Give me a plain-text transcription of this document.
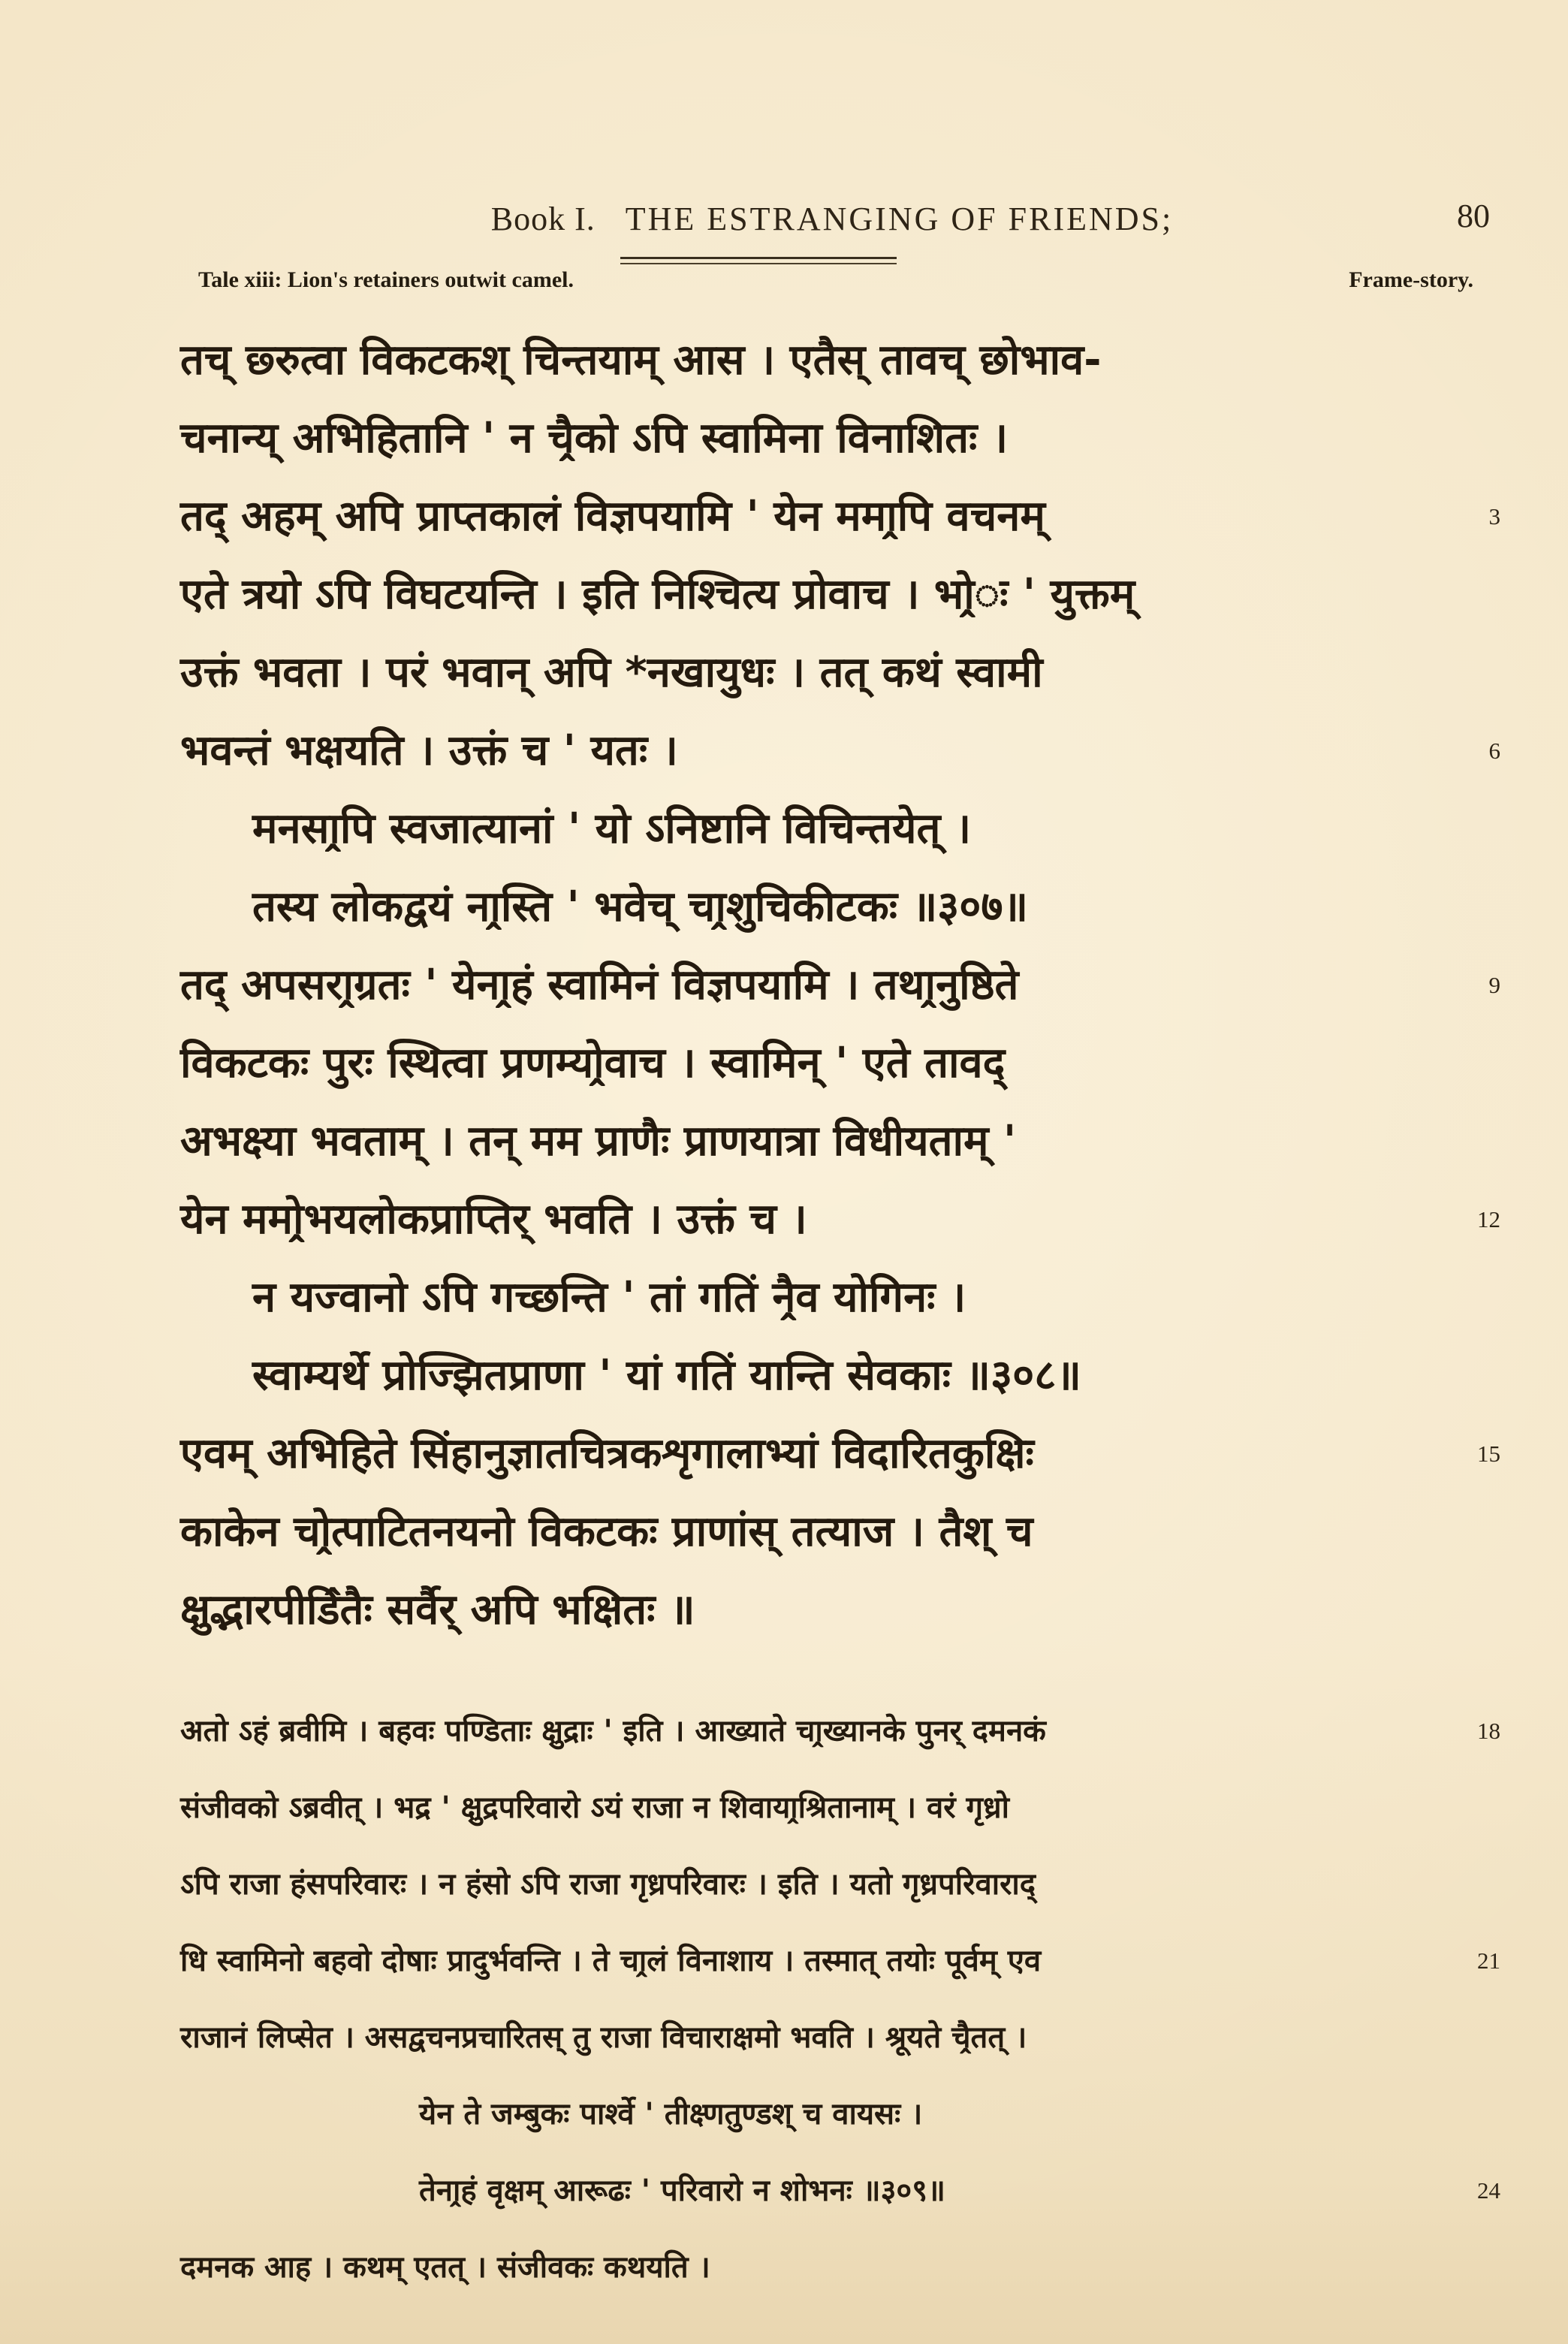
Book I. THE ESTRANGING OF FRIENDS;	80
Tale xiii: Lion's retainers outwit camel.	Frame-story.
तच् छ्रुत्वा विकटकश् चिन्तयाम् आस । एतैस् तावच् छोभाव-
चनान्य् अभिहितानि ' न चै̭को ऽपि स्वामिना विनाशितः ।
तद् अहम् अपि प्राप्तकालं विज्ञपयामि ' येन ममा̭पि वचनम्	3
एते त्रयो ऽपि विघटयन्ति । इति निश्चित्य प्रोवाच । भो̭ः ' युक्तम्
उक्तं भवता । परं भवान् अपि *नखायुधः । तत् कथं स्वामी
भवन्तं भक्षयति । उक्तं च ' यतः ।	6
मनसा̭पि स्वजात्यानां ' यो ऽनिष्टानि विचिन्तयेत् ।
तस्य लोकद्वयं ना̭स्ति ' भवेच् चा̭शुचिकीटकः ॥३०७॥
तद् अपसरा̭ग्रतः ' येना̭हं स्वामिनं विज्ञपयामि । तथा̭नुष्ठिते	9
विकटकः पुरः स्थित्वा प्रणम्यो̭वाच । स्वामिन् ' एते तावद्
अभक्ष्या भवताम् । तन् मम प्राणैः प्राणयात्रा विधीयताम् '
येन ममो̭भयलोकप्राप्तिर् भवति । उक्तं च ।	12
न यज्वानो ऽपि गच्छन्ति ' तां गतिं नै̭व योगिनः ।
स्वाम्यर्थे प्रोज्झितप्राणा ' यां गतिं यान्ति सेवकाः ॥३०८॥
एवम् अभिहिते सिंहानुज्ञातचित्रकशृगालाभ्यां विदारितकुक्षिः	15
काकेन चो̭त्पाटितनयनो विकटकः प्राणांस् तत्याज । तैश् च
क्षुद्भारपीडि̂तैः सर्वैर् अपि भक्षितः ॥
अतो ऽहं ब्रवीमि । बहवः पण्डिताः क्षुद्राः ' इति । आख्याते चा̭ख्यानके पुनर् दमनकं	18
संजीवको ऽब्रवीत् । भद्र ' क्षुद्रपरिवारो ऽयं राजा न शिवाया̭श्रितानाम् । वरं गृध्रो
ऽपि राजा हंसपरिवारः । न हंसो ऽपि राजा गृध्रपरिवारः । इति । यतो गृध्रपरिवाराद्
धि स्वामिनो बहवो दोषाः प्रादुर्भवन्ति । ते चा̭लं विनाशाय । तस्मात् तयोः पूर्वम् एव	21
राजानं लिप्सेत । असद्वचनप्रचारितस् तु राजा विचाराक्षमो भवति । श्रूयते चै̭तत् ।
येन ते जम्बुकः पार्श्वे ' तीक्ष्णतुण्डश् च वायसः ।
तेना̭हं वृक्षम् आरूढः ' परिवारो न शोभनः ॥३०९॥	24
दमनक आह । कथम् एतत् । संजीवकः कथयति ।
